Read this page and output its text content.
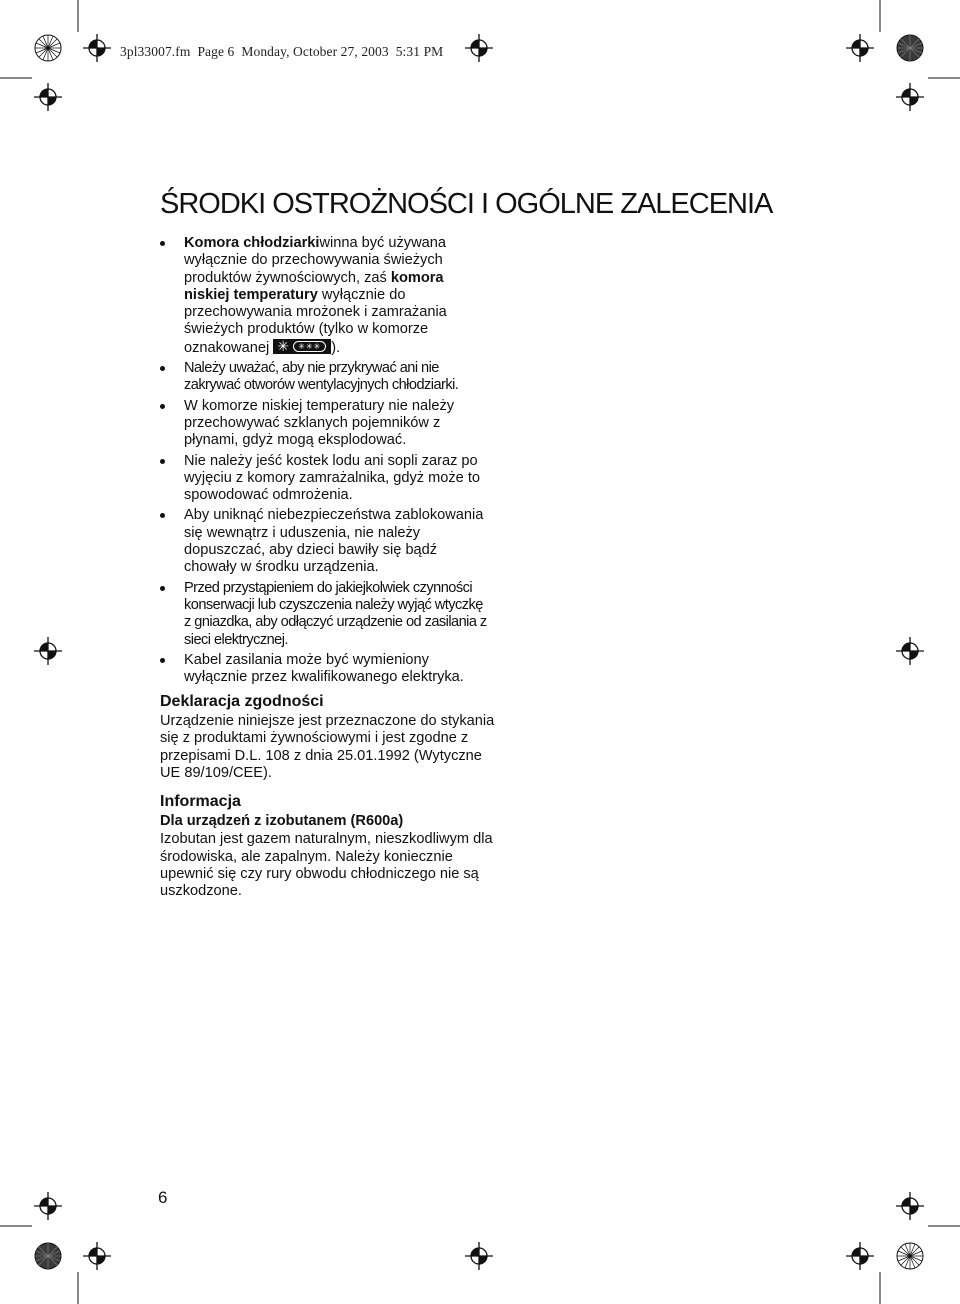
3pl33007.fm Page 6 Monday, October 27, 2003 5:31 PM
ŚRODKI OSTROŻNOŚCI I OGÓLNE ZALECENIA
Komora chłodziarkiwinna być używana wyłącznie do przechowywania świeżych produktów żywnościowych, zaś komora niskiej temperatury wyłącznie do przechowywania mrożonek i zamrażania świeżych produktów (tylko w komorze oznakowanej ✳	✳✳✳ ).
Należy uważać, aby nie przykrywać ani nie zakrywać otworów wentylacyjnych chłodziarki.
W komorze niskiej temperatury nie należy przechowywać szklanych pojemników z płynami, gdyż mogą eksplodować.
Nie należy jeść kostek lodu ani sopli zaraz po wyjęciu z komory zamrażalnika, gdyż może to spowodować odmrożenia.
Aby uniknąć niebezpieczeństwa zablokowania się wewnątrz i uduszenia, nie należy dopuszczać, aby dzieci bawiły się bądź chowały w środku urządzenia.
Przed przystąpieniem do jakiejkolwiek czynności konserwacji lub czyszczenia należy wyjąć wtyczkę z gniazdka, aby odłączyć urządzenie od zasilania z sieci elektrycznej.
Kabel zasilania może być wymieniony wyłącznie przez kwalifikowanego elektryka.
Deklaracja zgodności

Urządzenie niniejsze jest przeznaczone do stykania się z produktami żywnościowymi i jest zgodne z przepisami D.L. 108 z dnia 25.01.1992 (Wytyczne UE 89/109/CEE).

Informacja
Dla urządzeń z izobutanem (R600a)

Izobutan jest gazem naturalnym, nieszkodliwym dla środowiska, ale zapalnym. Należy koniecznie upewnić się czy rury obwodu chłodniczego nie są uszkodzone.

6
